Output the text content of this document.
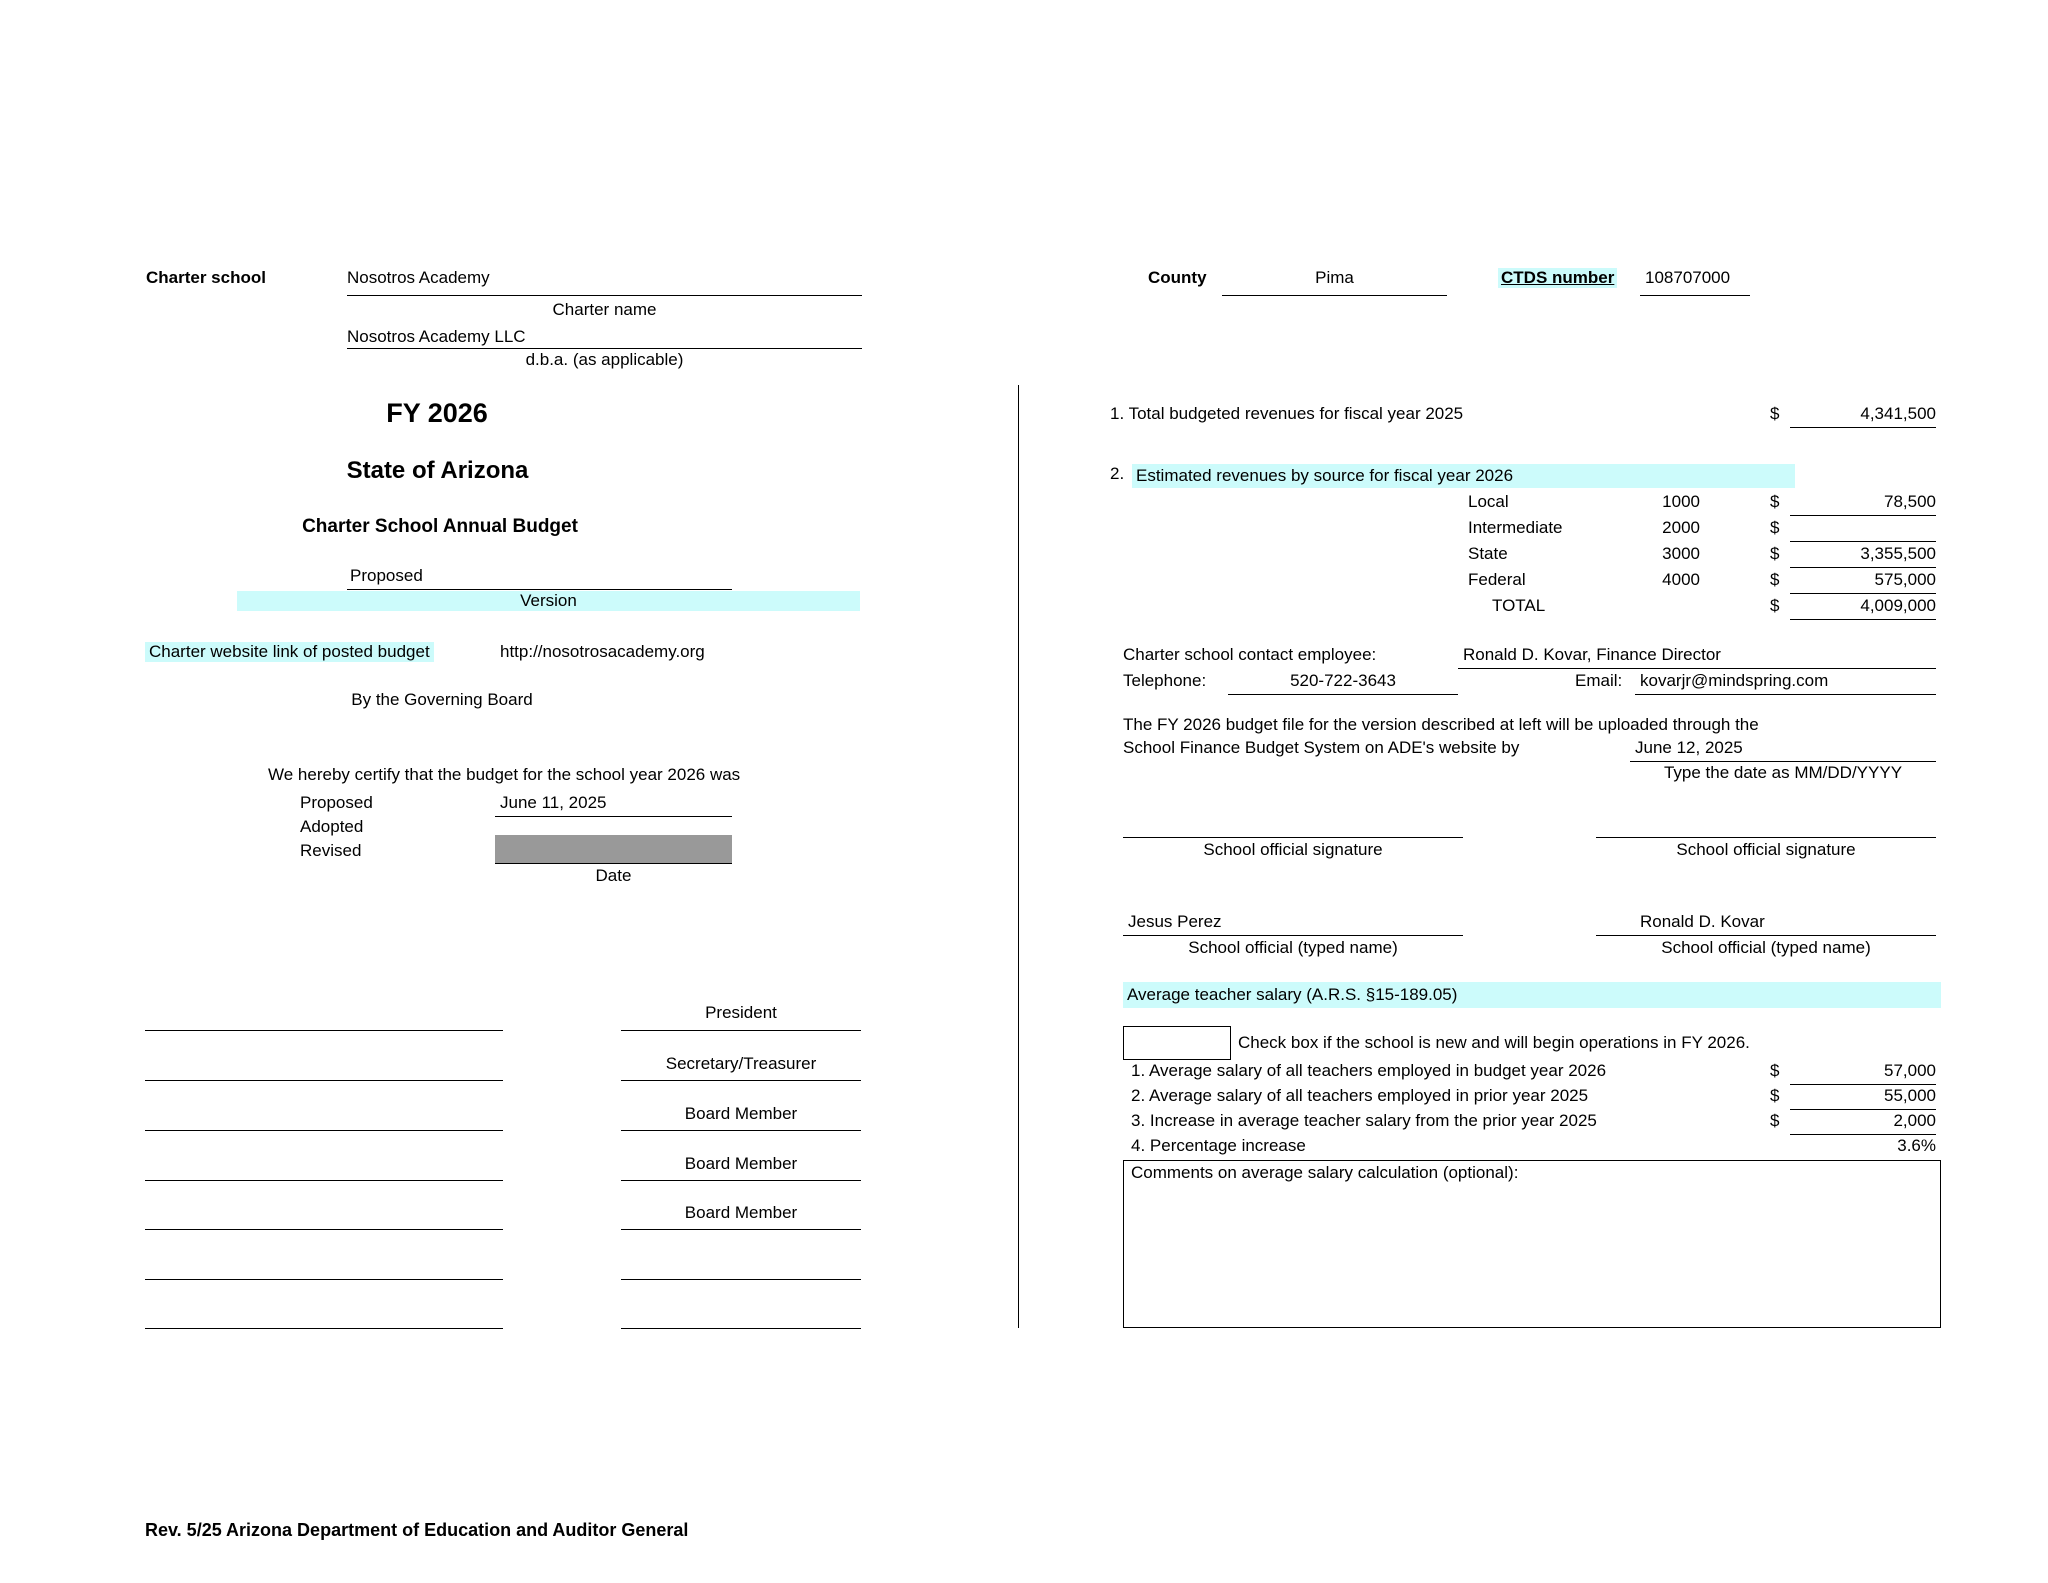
Charter school	Nosotros Academy
Charter name
Nosotros Academy LLC
d.b.a. (as applicable)
FY 2026
State of Arizona
Charter School Annual Budget
Proposed
Version
Charter website link of posted budget	http://nosotrosacademy.org
By the Governing Board
We hereby certify that the budget for the school year 2026 was
Proposed	June 11, 2025
Adopted
Revised
Date
President
Secretary/Treasurer
Board Member
Board Member
Board Member
County	Pima	CTDS number 108707000
1. Total budgeted revenues for fiscal year 2025	$	4,341,500
2. Estimated revenues by source for fiscal year 2026
Local	1000	$	78,500
Intermediate	2000	$
State	3000	$	3,355,500
Federal	4000	$	575,000
TOTAL	$	4,009,000
Charter school contact employee:	Ronald D. Kovar, Finance Director
Telephone:	520-722-3643	Email: kovarjr@mindspring.com
The FY 2026 budget file for the version described at left will be uploaded through the
School Finance Budget System on ADE's website by	June 12, 2025
Type the date as MM/DD/YYYY
School official signature	School official signature
Jesus Perez
School official (typed name)
Ronald D. Kovar
School official (typed name)
Average teacher salary (A.R.S. §15-189.05)
Check box if the school is new and will begin operations in FY 2026.
1. Average salary of all teachers employed in budget year 2026	$	57,000
2. Average salary of all teachers employed in prior year 2025	$	55,000
3. Increase in average teacher salary from the prior year 2025	$	2,000
4. Percentage increase	3.6%
Comments on average salary calculation (optional):
Rev. 5/25 Arizona Department of Education and Auditor General
